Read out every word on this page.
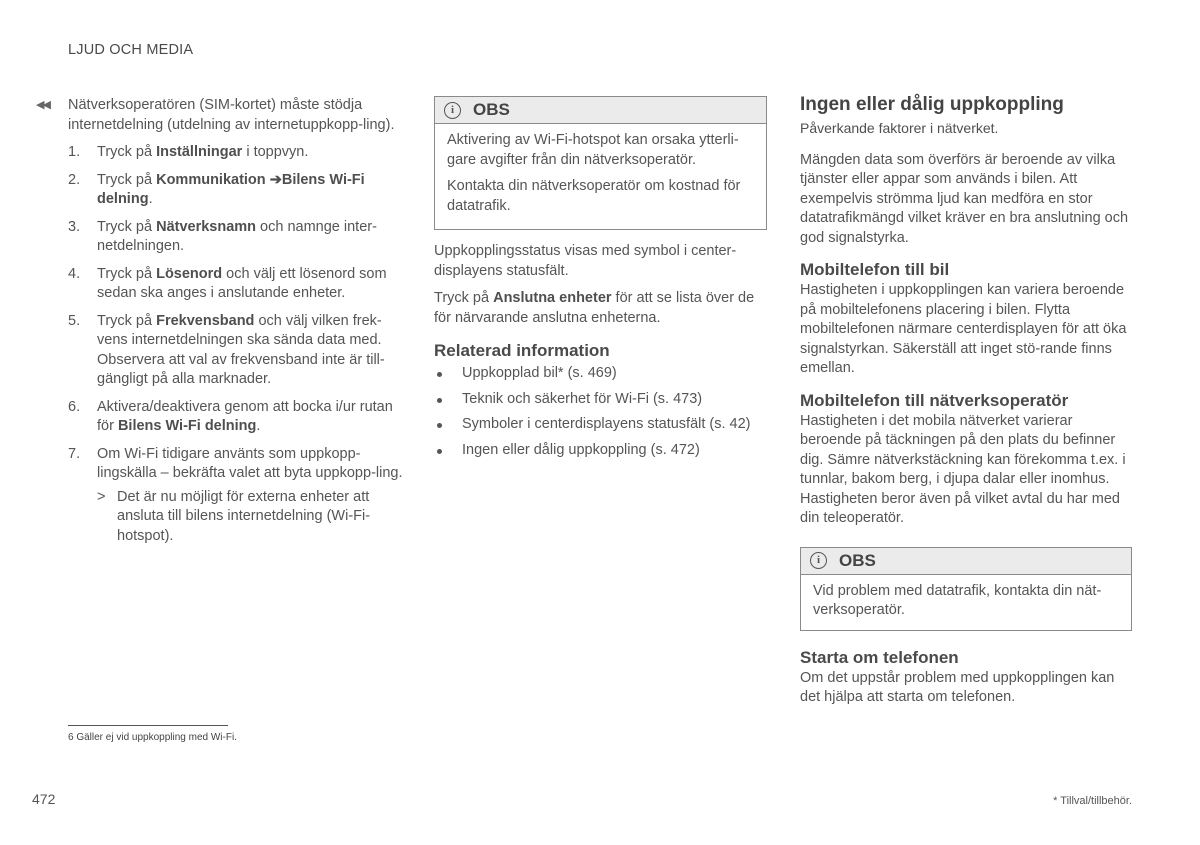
LJUD OCH MEDIA
◀◀ Nätverksoperatören (SIM-kortet) måste stödja internetdelning (utdelning av internetuppkopp-ling).

1. Tryck på Inställningar i toppvyn.
2. Tryck på Kommunikation ➔Bilens Wi-Fi delning.
3. Tryck på Nätverksnamn och namnge inter-netdelningen.
4. Tryck på Lösenord och välj ett lösenord som sedan ska anges i anslutande enheter.
5. Tryck på Frekvensband och välj vilken frek-vens internetdelningen ska sända data med. Observera att val av frekvensband inte är till-gängligt på alla marknader.
6. Aktivera/deaktivera genom att bocka i/ur rutan för Bilens Wi-Fi delning.
7. Om Wi-Fi tidigare använts som uppkopp-lingskälla – bekräfta valet att byta uppkopp-ling.
> Det är nu möjligt för externa enheter att ansluta till bilens internetdelning (Wi-Fi-hotspot).
i	OBS

Aktivering av Wi-Fi-hotspot kan orsaka ytterli-gare avgifter från din nätverksoperatör.

Kontakta din nätverksoperatör om kostnad för datatrafik.

Uppkopplingsstatus visas med symbol i center-displayens statusfält.

Tryck på Anslutna enheter för att se lista över de för närvarande anslutna enheterna.

Relaterad information
Uppkopplad bil* (s. 469)
Teknik och säkerhet för Wi-Fi (s. 473)
Symboler i centerdisplayens statusfält (s. 42)
Ingen eller dålig uppkoppling (s. 472)
Ingen eller dålig uppkoppling

Påverkande faktorer i nätverket.

Mängden data som överförs är beroende av vilka tjänster eller appar som används i bilen. Att exempelvis strömma ljud kan medföra en stor datatrafikmängd vilket kräver en bra anslutning och god signalstyrka.

Mobiltelefon till bil

Hastigheten i uppkopplingen kan variera beroende på mobiltelefonens placering i bilen. Flytta mobiltelefonen närmare centerdisplayen för att öka signalstyrkan. Säkerställ att inget stö-rande finns emellan.

Mobiltelefon till nätverksoperatör

Hastigheten i det mobila nätverket varierar beroende på täckningen på den plats du befinner dig. Sämre nätverkstäckning kan förekomma t.ex. i tunnlar, bakom berg, i djupa dalar eller inomhus. Hastigheten beror även på vilket avtal du har med din teleoperatör.

i	OBS

Vid problem med datatrafik, kontakta din nät-verksoperatör.

Starta om telefonen

Om det uppstår problem med uppkopplingen kan det hjälpa att starta om telefonen.

6 Gäller ej vid uppkoppling med Wi-Fi.
472	* Tillval/tillbehör.
